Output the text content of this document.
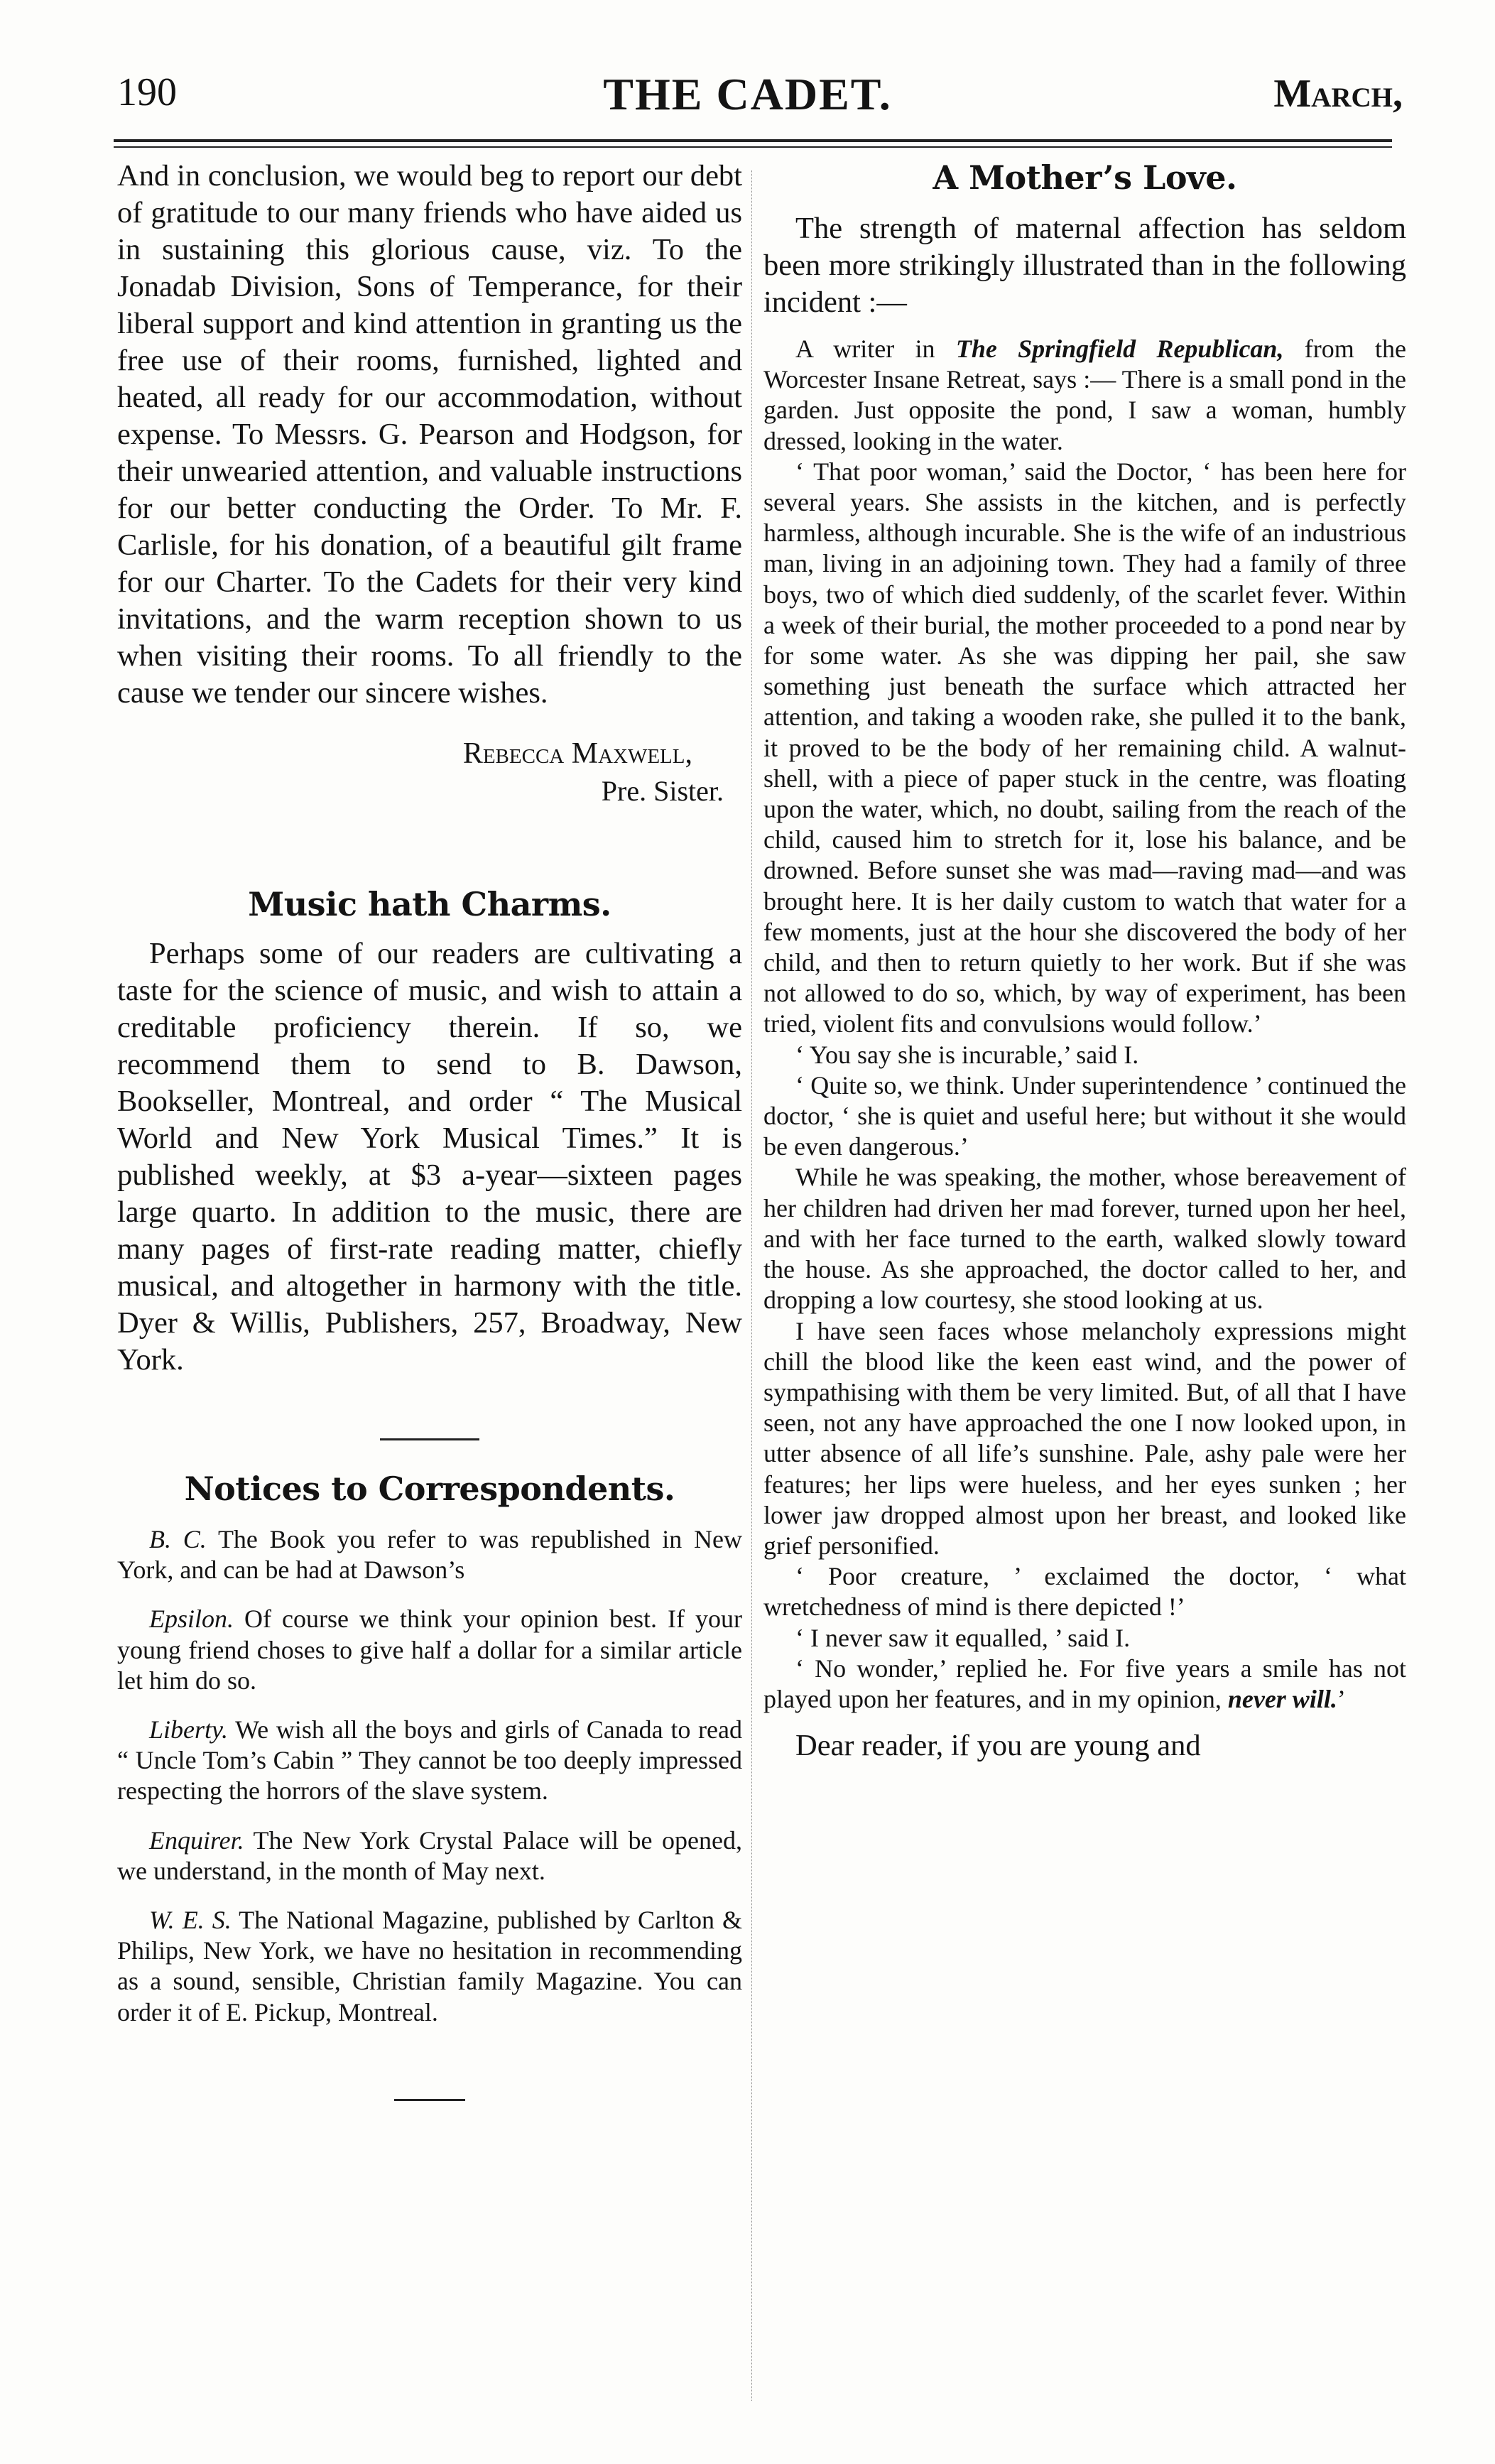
190	THE CADET.	March,

And in conclusion, we would beg to report our debt of gratitude to our many friends who have aided us in sustaining this glorious cause, viz. To the Jonadab Division, Sons of Temperance, for their liberal support and kind attention in granting us the free use of their rooms, furnished, lighted and heated, all ready for our accommodation, without expense. To Messrs. G. Pearson and Hodgson, for their unwearied attention, and valuable instructions for our better conducting the Order. To Mr. F. Carlisle, for his donation, of a beautiful gilt frame for our Charter. To the Cadets for their very kind invitations, and the warm reception shown to us when visiting their rooms. To all friendly to the cause we tender our sincere wishes.

Rebecca Maxwell,
Pre. Sister.
Music hath Charms.

Perhaps some of our readers are cultivating a taste for the science of music, and wish to attain a creditable proficiency therein. If so, we recommend them to send to B. Dawson, Bookseller, Montreal, and order “ The Musical World and New York Musical Times.” It is published weekly, at $3 a-year—sixteen pages large quarto. In addition to the music, there are many pages of first-rate reading matter, chiefly musical, and altogether in harmony with the title. Dyer & Willis, Publishers, 257, Broadway, New York.

Notices to Correspondents.

B. C. The Book you refer to was republished in New York, and can be had at Dawson’s

Epsilon. Of course we think your opinion best. If your young friend choses to give half a dollar for a similar article let him do so.

Liberty. We wish all the boys and girls of Canada to read “ Uncle Tom’s Cabin ” They cannot be too deeply impressed respecting the horrors of the slave system.

Enquirer. The New York Crystal Palace will be opened, we understand, in the month of May next.

W. E. S. The National Magazine, published by Carlton & Philips, New York, we have no hesitation in recommending as a sound, sensible, Christian family Magazine. You can order it of E. Pickup, Montreal.

A Mother’s Love.

The strength of maternal affection has seldom been more strikingly illustrated than in the following incident :—

A writer in The Springfield Republican, from the Worcester Insane Retreat, says :— There is a small pond in the garden. Just opposite the pond, I saw a woman, humbly dressed, looking in the water.

‘ That poor woman,’ said the Doctor, ‘ has been here for several years. She assists in the kitchen, and is perfectly harmless, although incurable. She is the wife of an industrious man, living in an adjoining town. They had a family of three boys, two of which died suddenly, of the scarlet fever. Within a week of their burial, the mother proceeded to a pond near by for some water. As she was dipping her pail, she saw something just beneath the surface which attracted her attention, and taking a wooden rake, she pulled it to the bank, it proved to be the body of her remaining child. A walnut-shell, with a piece of paper stuck in the centre, was floating upon the water, which, no doubt, sailing from the reach of the child, caused him to stretch for it, lose his balance, and be drowned. Before sunset she was mad—raving mad—and was brought here. It is her daily custom to watch that water for a few moments, just at the hour she discovered the body of her child, and then to return quietly to her work. But if she was not allowed to do so, which, by way of experiment, has been tried, violent fits and convulsions would follow.’

‘ You say she is incurable,’ said I.

‘ Quite so, we think. Under superintendence ’ continued the doctor, ‘ she is quiet and useful here; but without it she would be even dangerous.’

While he was speaking, the mother, whose bereavement of her children had driven her mad forever, turned upon her heel, and with her face turned to the earth, walked slowly toward the house. As she approached, the doctor called to her, and dropping a low courtesy, she stood looking at us.

I have seen faces whose melancholy expressions might chill the blood like the keen east wind, and the power of sympathising with them be very limited. But, of all that I have seen, not any have approached the one I now looked upon, in utter absence of all life’s sunshine. Pale, ashy pale were her features; her lips were hueless, and her eyes sunken ; her lower jaw dropped almost upon her breast, and looked like grief personified.

‘ Poor creature, ’ exclaimed the doctor, ‘ what wretchedness of mind is there depicted !’

‘ I never saw it equalled, ’ said I.

‘ No wonder,’ replied he. For five years a smile has not played upon her features, and in my opinion, never will.’

Dear reader, if you are young and
